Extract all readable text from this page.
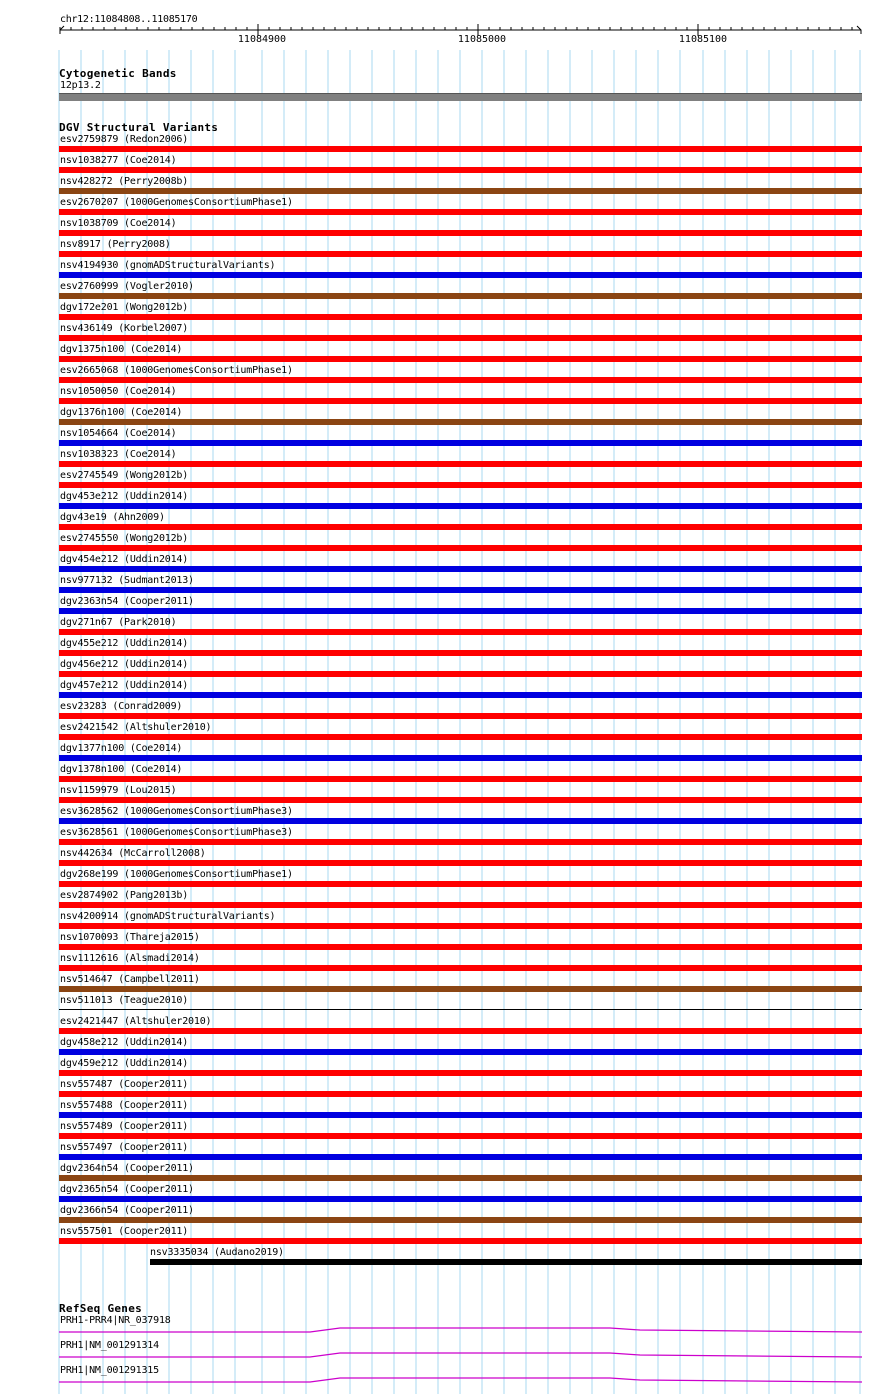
chr12:11084808..11085170
11084900	11085000	11085100
Cytogenetic Bands
12p13.2
DGV Structural Variants
esv2759879 (Redon2006)
nsv1038277 (Coe2014)
nsv428272 (Perry2008b)
esv2670207 (1000GenomesConsortiumPhase1)
nsv1038709 (Coe2014)
nsv8917 (Perry2008)
nsv4194930 (gnomADStructuralVariants)
esv2760999 (Vogler2010)
dgv172e201 (Wong2012b)
nsv436149 (Korbel2007)
dgv1375n100 (Coe2014)
esv2665068 (1000GenomesConsortiumPhase1)
nsv1050050 (Coe2014)
dgv1376n100 (Coe2014)
nsv1054664 (Coe2014)
nsv1038323 (Coe2014)
esv2745549 (Wong2012b)
dgv453e212 (Uddin2014)
dgv43e19 (Ahn2009)
esv2745550 (Wong2012b)
dgv454e212 (Uddin2014)
nsv977132 (Sudmant2013)
dgv2363n54 (Cooper2011)
dgv271n67 (Park2010)
dgv455e212 (Uddin2014)
dgv456e212 (Uddin2014)
dgv457e212 (Uddin2014)
esv23283 (Conrad2009)
esv2421542 (Altshuler2010)
dgv1377n100 (Coe2014)
dgv1378n100 (Coe2014)
nsv1159979 (Lou2015)
esv3628562 (1000GenomesConsortiumPhase3)
esv3628561 (1000GenomesConsortiumPhase3)
nsv442634 (McCarroll2008)
dgv268e199 (1000GenomesConsortiumPhase1)
esv2874902 (Pang2013b)
nsv4200914 (gnomADStructuralVariants)
nsv1070093 (Thareja2015)
nsv1112616 (Alsmadi2014)
nsv514647 (Campbell2011)
nsv511013 (Teague2010)
esv2421447 (Altshuler2010)
dgv458e212 (Uddin2014)
dgv459e212 (Uddin2014)
nsv557487 (Cooper2011)
nsv557488 (Cooper2011)
nsv557489 (Cooper2011)
nsv557497 (Cooper2011)
dgv2364n54 (Cooper2011)
dgv2365n54 (Cooper2011)
dgv2366n54 (Cooper2011)
nsv557501 (Cooper2011)
nsv3335034 (Audano2019)
RefSeq Genes
PRH1-PRR4|NR_037918
PRH1|NM_001291314
PRH1|NM_001291315
